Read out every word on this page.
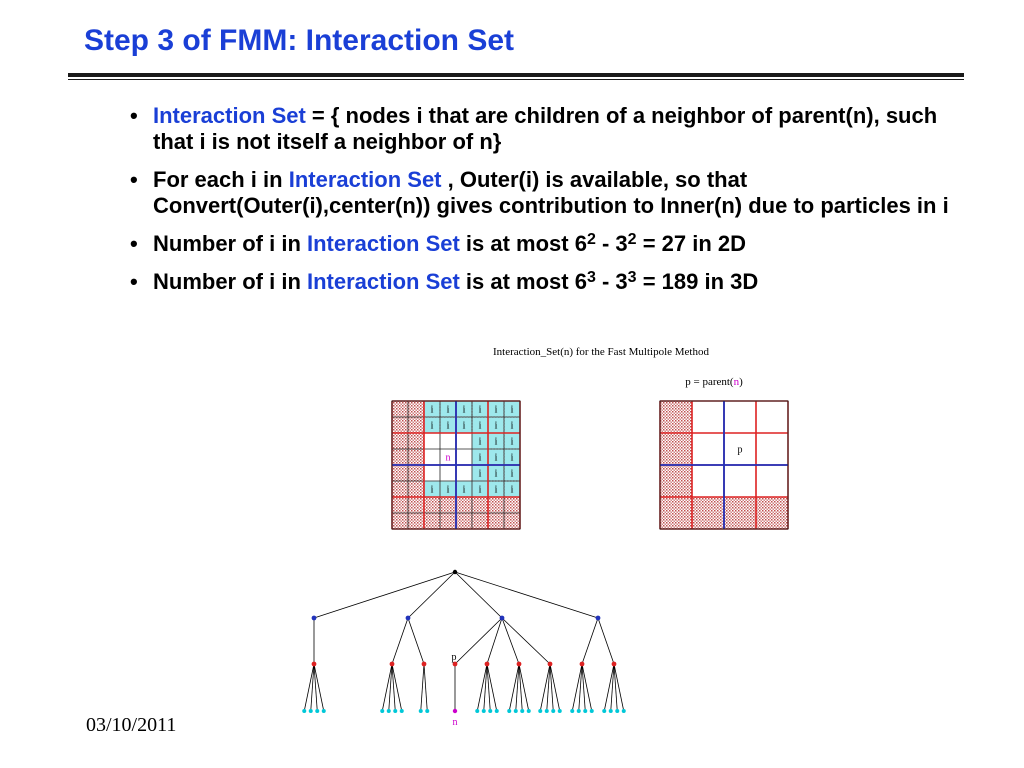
Step 3 of FMM: Interaction Set
• Interaction Set = { nodes i that are children of a neighbor of parent(n), such that i is not itself a neighbor of n}
• For each i in Interaction Set , Outer(i) is available, so that Convert(Outer(i),center(n)) gives contribution to Inner(n) due to particles in i
• Number of i in Interaction Set is at most $6^2 - 3^2 = 27$ in 2D
• Number of i in Interaction Set is at most $6^3 - 3^3 = 189$ in 3D
Interaction_Set(n) for the Fast Multipole Method
p = parent(n)
i i i i i i
i i i i i i
i i i
i i i
i i i
i i i i i i
n
p
p
n
03/10/2011
